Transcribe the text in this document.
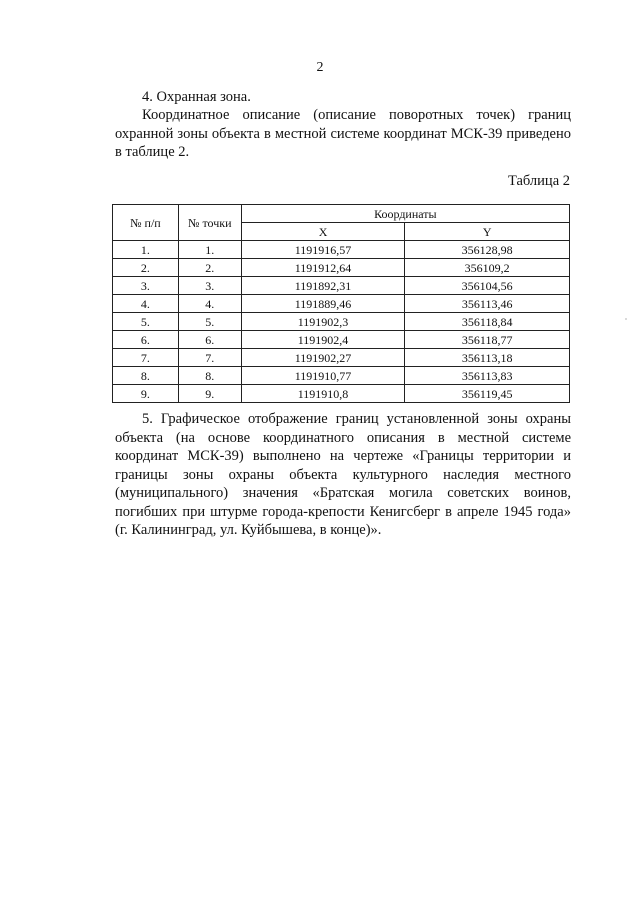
2
4. Охранная зона.
Координатное описание (описание поворотных точек) границ охранной зоны объекта в местной системе координат МСК-39 приведено в таблице 2.
Таблица 2
№ п/п	№ точки	Координаты	
		X	Y
1.	1.	1191916,57	356128,98
2.	2.	1191912,64	356109,2
3.	3.	1191892,31	356104,56
4.	4.	1191889,46	356113,46
5.	5.	1191902,3	356118,84
6.	6.	1191902,4	356118,77
7.	7.	1191902,27	356113,18
8.	8.	1191910,77	356113,83
9.	9.	1191910,8	356119,45
5. Графическое отображение границ установленной зоны охраны объекта (на основе координатного описания в местной системе координат МСК-39) выполнено на чертеже «Границы территории и границы зоны охраны объекта культурного наследия местного (муниципального) значения «Братская могила советских воинов, погибших при штурме города-крепости Кенигсберг в апреле 1945 года» (г. Калининград, ул. Куйбышева, в конце)».
